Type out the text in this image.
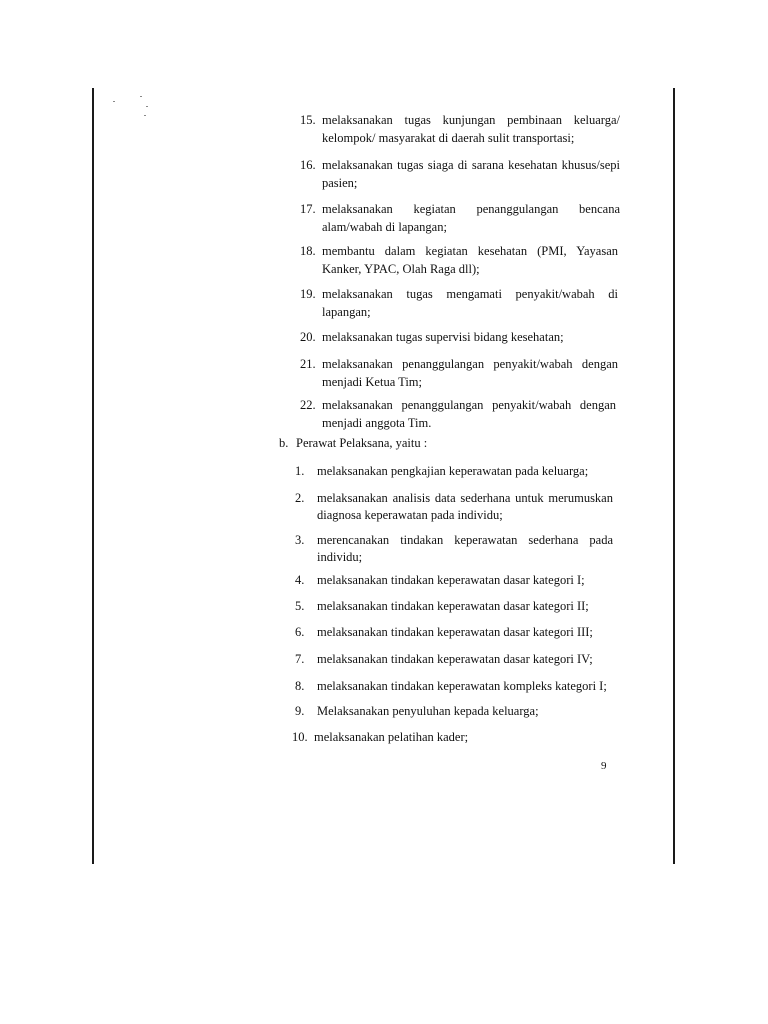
15. melaksanakan tugas kunjungan pembinaan keluarga/
kelompok/ masyarakat di daerah sulit transportasi;
16. melaksanakan tugas siaga di sarana kesehatan khusus/sepi
pasien;
17. melaksanakan kegiatan penanggulangan bencana
alam/wabah di lapangan;
18. membantu dalam kegiatan kesehatan (PMI, Yayasan
Kanker, YPAC, Olah Raga dll);
19. melaksanakan tugas mengamati penyakit/wabah di
lapangan;
20. melaksanakan tugas supervisi bidang kesehatan;
21. melaksanakan penanggulangan penyakit/wabah dengan
menjadi Ketua Tim;
22. melaksanakan penanggulangan penyakit/wabah dengan
menjadi anggota Tim.
b. Perawat Pelaksana, yaitu :
1. melaksanakan pengkajian keperawatan pada keluarga;
2. melaksanakan analisis data sederhana untuk merumuskan
diagnosa keperawatan pada individu;
3. merencanakan tindakan keperawatan sederhana pada
individu;
4. melaksanakan tindakan keperawatan dasar kategori I;
5. melaksanakan tindakan keperawatan dasar kategori II;
6. melaksanakan tindakan keperawatan dasar kategori III;
7. melaksanakan tindakan keperawatan dasar kategori IV;
8. melaksanakan tindakan keperawatan kompleks kategori I;
9. Melaksanakan penyuluhan kepada keluarga;
10. melaksanakan pelatihan kader;
9
